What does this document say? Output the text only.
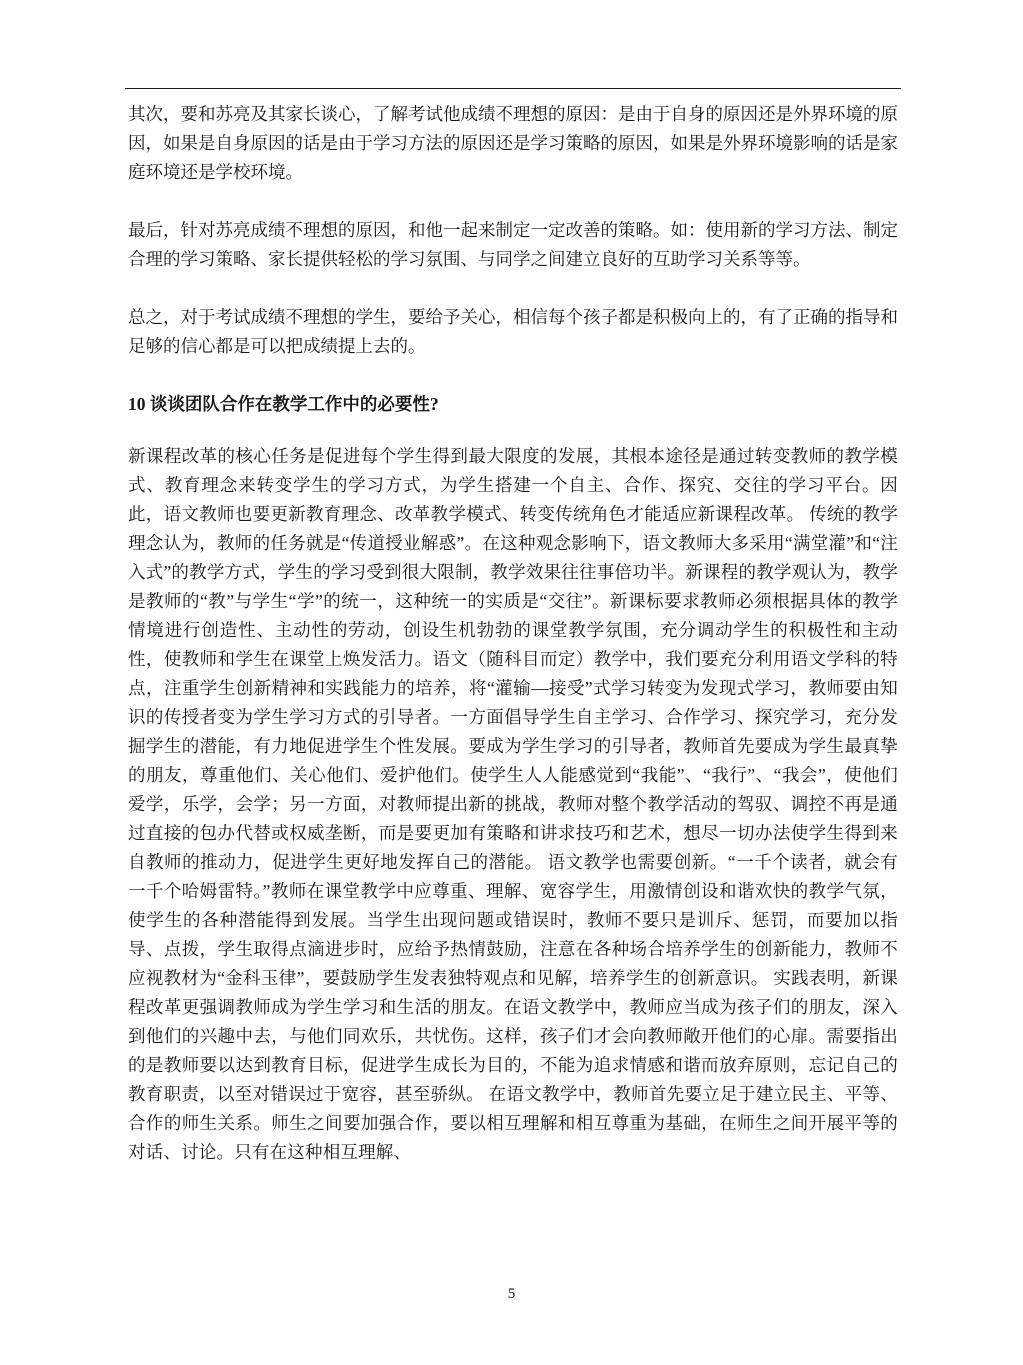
其次，要和苏亮及其家长谈心，了解考试他成绩不理想的原因：是由于自身的原因还是外界环境的原因，如果是自身原因的话是由于学习方法的原因还是学习策略的原因，如果是外界环境影响的话是家庭环境还是学校环境。

最后，针对苏亮成绩不理想的原因，和他一起来制定一定改善的策略。如：使用新的学习方法、制定合理的学习策略、家长提供轻松的学习氛围、与同学之间建立良好的互助学习关系等等。

总之，对于考试成绩不理想的学生，要给予关心，相信每个孩子都是积极向上的，有了正确的指导和足够的信心都是可以把成绩提上去的。

10 谈谈团队合作在教学工作中的必要性?

新课程改革的核心任务是促进每个学生得到最大限度的发展，其根本途径是通过转变教师的教学模式、教育理念来转变学生的学习方式，为学生搭建一个自主、合作、探究、交往的学习平台。因此，语文教师也要更新教育理念、改革教学模式、转变传统角色才能适应新课程改革。 传统的教学理念认为，教师的任务就是“传道授业解惑”。在这种观念影响下，语文教师大多采用“满堂灌”和“注入式”的教学方式，学生的学习受到很大限制，教学效果往往事倍功半。新课程的教学观认为，教学是教师的“教”与学生“学”的统一，这种统一的实质是“交往”。新课标要求教师必须根据具体的教学情境进行创造性、主动性的劳动，创设生机勃勃的课堂教学氛围，充分调动学生的积极性和主动性，使教师和学生在课堂上焕发活力。语文（随科目而定）教学中，我们要充分利用语文学科的特点，注重学生创新精神和实践能力的培养，将“灌输—接受”式学习转变为发现式学习，教师要由知识的传授者变为学生学习方式的引导者。一方面倡导学生自主学习、合作学习、探究学习，充分发掘学生的潜能，有力地促进学生个性发展。要成为学生学习的引导者，教师首先要成为学生最真挚的朋友，尊重他们、关心他们、爱护他们。使学生人人能感觉到“我能”、“我行”、“我会”，使他们爱学，乐学，会学；另一方面，对教师提出新的挑战，教师对整个教学活动的驾驭、调控不再是通过直接的包办代替或权威垄断，而是要更加有策略和讲求技巧和艺术，想尽一切办法使学生得到来自教师的推动力，促进学生更好地发挥自己的潜能。 语文教学也需要创新。“一千个读者，就会有一千个哈姆雷特。”教师在课堂教学中应尊重、理解、宽容学生，用激情创设和谐欢快的教学气氛，使学生的各种潜能得到发展。当学生出现问题或错误时，教师不要只是训斥、惩罚，而要加以指导、点拨，学生取得点滴进步时，应给予热情鼓励，注意在各种场合培养学生的创新能力，教师不应视教材为“金科玉律”，要鼓励学生发表独特观点和见解，培养学生的创新意识。 实践表明，新课程改革更强调教师成为学生学习和生活的朋友。在语文教学中，教师应当成为孩子们的朋友，深入到他们的兴趣中去，与他们同欢乐，共忧伤。这样，孩子们才会向教师敞开他们的心扉。需要指出的是教师要以达到教育目标，促进学生成长为目的，不能为追求情感和谐而放弃原则，忘记自己的教育职责，以至对错误过于宽容，甚至骄纵。 在语文教学中，教师首先要立足于建立民主、平等、合作的师生关系。师生之间要加强合作，要以相互理解和相互尊重为基础，在师生之间开展平等的对话、讨论。只有在这种相互理解、

5
